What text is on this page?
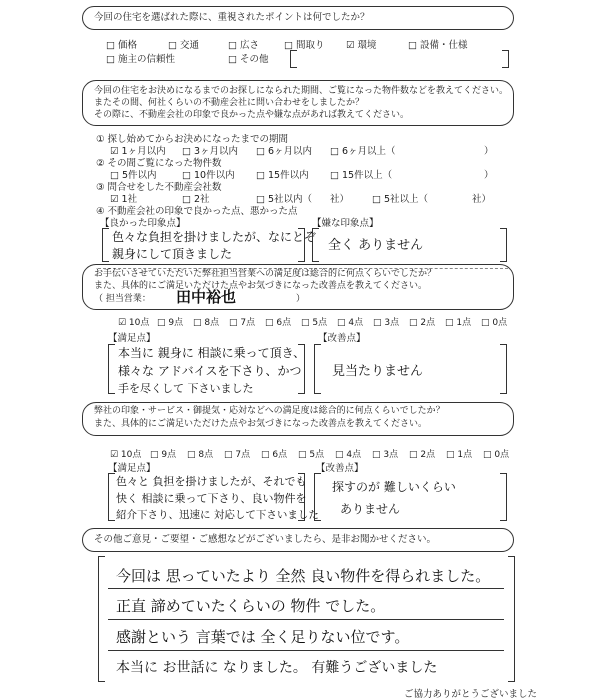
今回の住宅を選ばれた際に、重視されたポイントは何でしたか？
□ 価格	□ 交通	□ 広さ	□ 間取り ☑ 環境	□ 設備・仕様
□ 施主の信頼性	□ その他
今回の住宅をお決めになるまでのお探しになられた期間、ご覧になった物件数などを教えてください。
またその間、何社くらいの不動産会社に問い合わせをしましたか？
その際に、不動産会社の印象で良かった点や嫌な点があれば教えてください。
① 探し始めてからお決めになったまでの期間
☑ 1ヶ月以内 □ 3ヶ月以内 □ 6ヶ月以内 □ 6ヶ月以上（	）
② その間ご覧になった物件数
□ 5件以内	□ 10件以内 □ 15件以内 □ 15件以上（	）
③ 問合せをした不動産会社数
☑ 1社	□ 2社	□ 5社以内（ 社） □ 5社以上（	社）
④ 不動産会社の印象で良かった点、悪かった点
【良かった印象点】	【嫌な印象点】
色々な負担を掛けましたが、なにとぞ
親身にして頂きました
全く ありません
お手伝いさせていただいた弊社担当営業への満足度は総合的に何点くらいでしたか？
また、具体的にご満足いただけた点やお気づきになった改善点を教えてください。
（ 担当営業： 田中裕也	）
☑ 10点 □ 9点 □ 8点 □ 7点 □ 6点 □ 5点 □ 4点 □ 3点 □ 2点 □ 1点 □ 0点
【満足点】	【改善点】
本当に 親身に 相談に乗って頂き、
様々な アドバイスを下さり、かつ
手を尽くして 下さいました
見当たりません
弊社の印象・サービス・御提気・応対などへの満足度は総合的に何点くらいでしたか？
また、具体的にご満足いただけた点やお気づきになった改善点を教えてください。
☑ 10点 □ 9点 □ 8点 □ 7点 □ 6点 □ 5点 □ 4点 □ 3点 □ 2点 □ 1点 □ 0点
【満足点】	【改善点】
色々と 負担を掛けましたが、それでも
快く 相談に乗って下さり、良い物件を
紹介下さり、迅速に 対応して下さいました
探すのが 難しいくらい
ありません
その他ご意見・ご要望・ご感想などがございましたら、是非お聞かせください。
今回は 思っていたより 全然 良い物件を得られました。
正直 諦めていたくらいの 物件 でした。
感謝という 言葉では 全く足りない位です。
本当に お世話に なりました。 有難うございました
ご協力ありがとうございました
